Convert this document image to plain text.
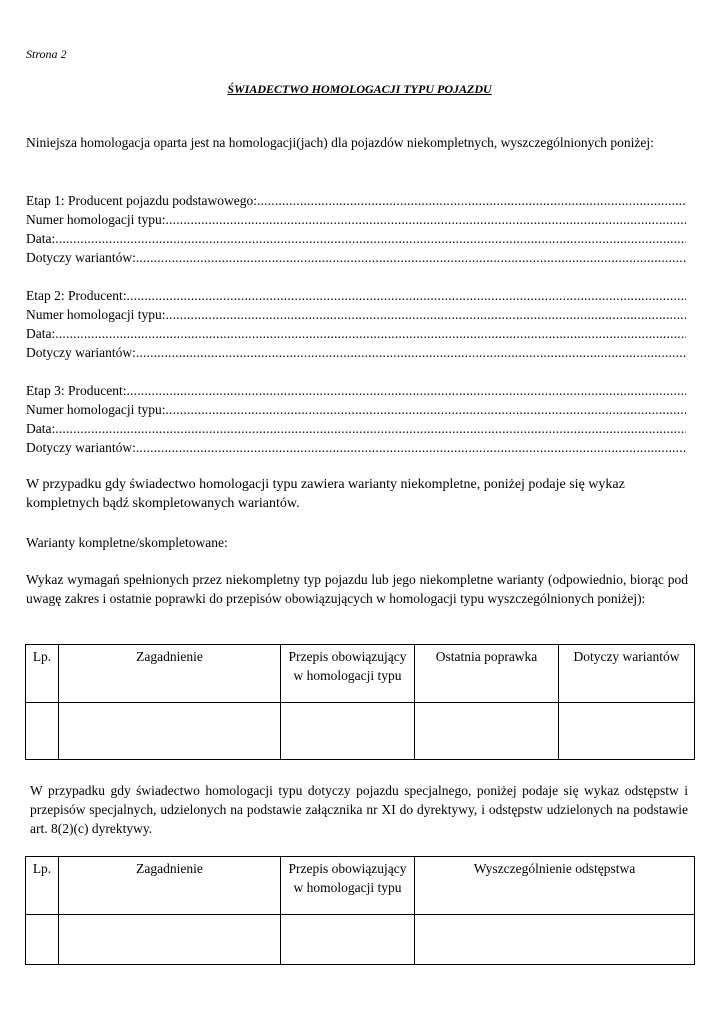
Strona 2
ŚWIADECTWO HOMOLOGACJI TYPU POJAZDU
Niniejsza homologacja oparta jest na homologacji(jach) dla pojazdów niekompletnych, wyszczególnionych poniżej:
Etap 1: Producent pojazdu podstawowego:
.....
Numer homologacji typu:
.....
Data:
.....
Dotyczy wariantów:
.....
Etap 2: Producent:
.....
Numer homologacji typu:
.....
Data:
.....
Dotyczy wariantów:
.....
Etap 3: Producent:
.....
Numer homologacji typu:
.....
Data:
.....
Dotyczy wariantów:
.....
W przypadku gdy świadectwo homologacji typu zawiera warianty niekompletne, poniżej podaje się wykaz kompletnych bądź skompletowanych wariantów.
Warianty kompletne/skompletowane:
Wykaz wymagań spełnionych przez niekompletny typ pojazdu lub jego niekompletne warianty (odpowiednio, biorąc pod uwagę zakres i ostatnie poprawki do przepisów obowiązujących w homologacji typu wyszczególnionych poniżej):
Lp.	Zagadnienie	Przepis obowiązujący w homologacji typu	Ostatnia poprawka	Dotyczy wariantów

W przypadku gdy świadectwo homologacji typu dotyczy pojazdu specjalnego, poniżej podaje się wykaz odstępstw i przepisów specjalnych, udzielonych na podstawie załącznika nr XI do dyrektywy, i odstępstw udzielonych na podstawie art. 8(2)(c) dyrektywy.
Lp.	Zagadnienie	Przepis obowiązujący w homologacji typu	Wyszczególnienie odstępstwa
